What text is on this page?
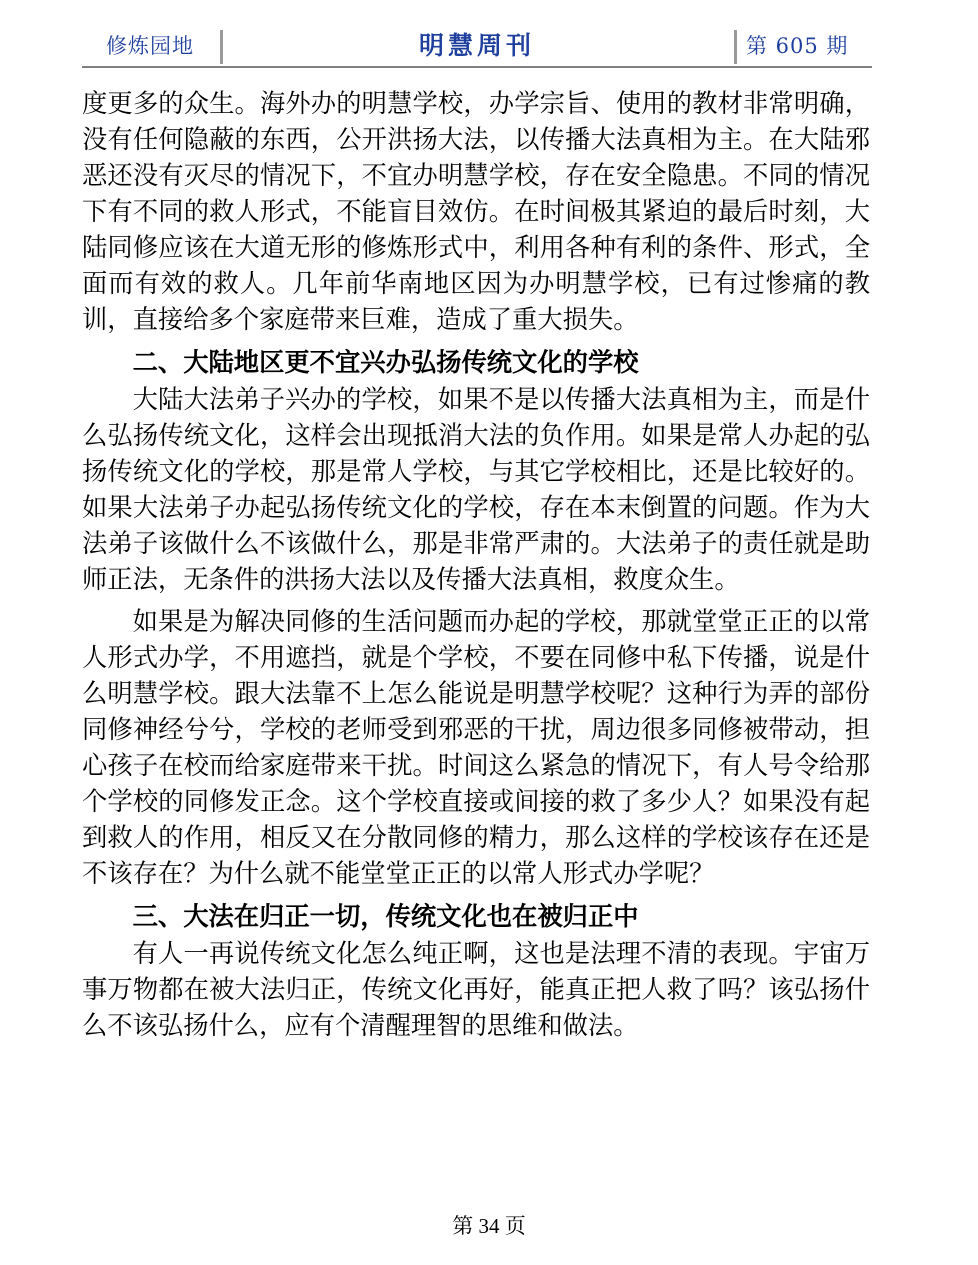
修炼园地	明慧周刊	第 605 期

度更多的众生。海外办的明慧学校，办学宗旨、使用的教材非常明确，没有任何隐蔽的东西，公开洪扬大法，以传播大法真相为主。在大陆邪恶还没有灭尽的情况下，不宜办明慧学校，存在安全隐患。不同的情况下有不同的救人形式，不能盲目效仿。在时间极其紧迫的最后时刻，大陆同修应该在大道无形的修炼形式中，利用各种有利的条件、形式，全面而有效的救人。几年前华南地区因为办明慧学校，已有过惨痛的教训，直接给多个家庭带来巨难，造成了重大损失。

二、大陆地区更不宜兴办弘扬传统文化的学校

大陆大法弟子兴办的学校，如果不是以传播大法真相为主，而是什么弘扬传统文化，这样会出现抵消大法的负作用。如果是常人办起的弘扬传统文化的学校，那是常人学校，与其它学校相比，还是比较好的。如果大法弟子办起弘扬传统文化的学校，存在本末倒置的问题。作为大法弟子该做什么不该做什么，那是非常严肃的。大法弟子的责任就是助师正法，无条件的洪扬大法以及传播大法真相，救度众生。

如果是为解决同修的生活问题而办起的学校，那就堂堂正正的以常人形式办学，不用遮挡，就是个学校，不要在同修中私下传播，说是什么明慧学校。跟大法靠不上怎么能说是明慧学校呢？这种行为弄的部份同修神经兮兮，学校的老师受到邪恶的干扰，周边很多同修被带动，担心孩子在校而给家庭带来干扰。时间这么紧急的情况下，有人号令给那个学校的同修发正念。这个学校直接或间接的救了多少人？如果没有起到救人的作用，相反又在分散同修的精力，那么这样的学校该存在还是不该存在？为什么就不能堂堂正正的以常人形式办学呢？

三、大法在归正一切，传统文化也在被归正中

有人一再说传统文化怎么纯正啊，这也是法理不清的表现。宇宙万事万物都在被大法归正，传统文化再好，能真正把人救了吗？该弘扬什么不该弘扬什么，应有个清醒理智的思维和做法。

第 34 页
